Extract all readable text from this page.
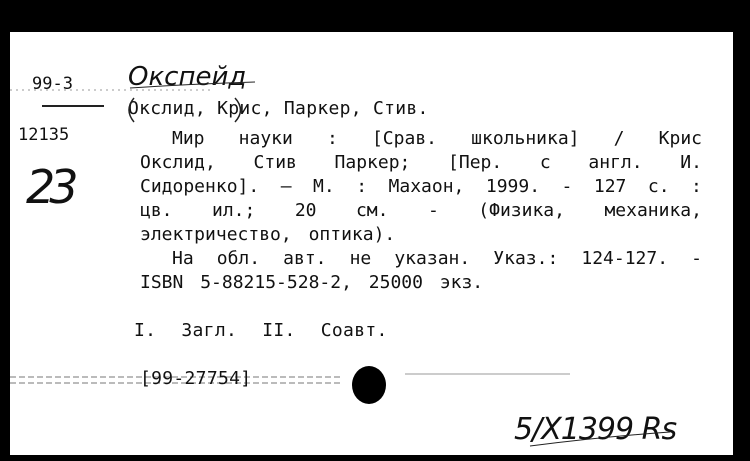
99-3
12135
Окспейд
23
Окслид, Крис, Паркер, Стив.
Мир науки : [Срав. школьника] / Крис
Окслид, Стив Паркер; [Пер. с англ. И.
Сидоренко]. – М. : Махаон, 1999. - 127 с. :
цв. ил.; 20 см. - (Физика, механика,
электричество, оптика).
На обл. авт. не указан. Указ.: 124-127. -
ISBN 5-88215-528-2, 25000 экз.
I. Загл. II. Соавт.
[99-27754]
5/X1399 Rs
